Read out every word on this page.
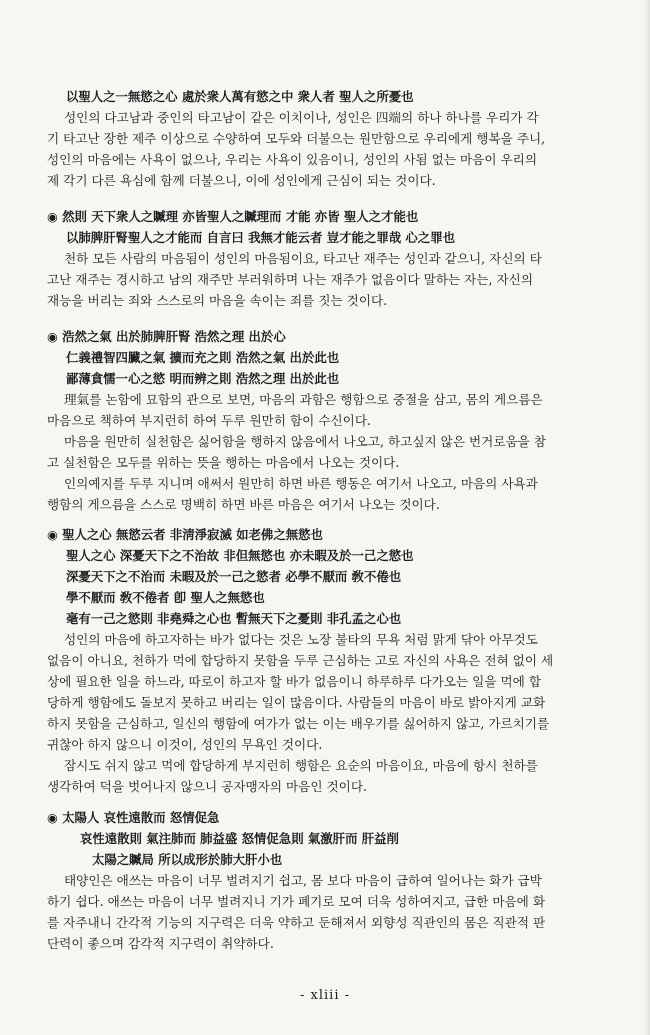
以聖人之一無慾之心 處於衆人萬有慾之中 衆人者 聖人之所憂也
성인의 다고남과 중인의 타고남이 같은 이치이나, 성인은 四端의 하나 하나를 우리가 각
기 타고난 장한 제주 이상으로 수양하여 모두와 더불으는 원만함으로 우리에게 행복을 주니,
성인의 마음에는 사욕이 없으나, 우리는 사욕이 있음이니, 성인의 사됨 없는 마음이 우리의
제 각기 다른 욕심에 함께 더불으니, 이에 성인에게 근심이 되는 것이다.
◉ 然則 天下衆人之贓理 亦皆聖人之贓理而 才能 亦皆 聖人之才能也
以肺脾肝腎聖人之才能而 自言曰 我無才能云者 豈才能之罪哉 心之罪也
천하 모든 사람의 마음됨이 성인의 마음됨이요, 타고난 재주는 성인과 같으니, 자신의 타
고난 재주는 경시하고 남의 재주만 부러워하며 나는 재주가 없음이다 말하는 자는, 자신의
재능을 버리는 죄와 스스로의 마음을 속이는 죄를 짓는 것이다.
◉ 浩然之氣 出於肺脾肝腎 浩然之理 出於心
仁義禮智四臟之氣 擴而充之則 浩然之氣 出於此也
鄙薄貪懦一心之慾 明而辨之則 浩然之理 出於此也
理氣를 논함에 묘함의 관으로 보면, 마음의 과함은 행함으로 중절을 삼고, 몸의 게으름은
마음으로 책하여 부지런히 하여 두루 원만히 함이 수신이다.
마음을 원만히 실천함은 싫어함을 행하지 않음에서 나오고, 하고싶지 않은 번거로움을 참
고 실천함은 모두를 위하는 뜻을 행하는 마음에서 나오는 것이다.
인의예지를 두루 지니며 애써서 원만히 하면 바른 행동은 여기서 나오고, 마음의 사욕과
행함의 게으름을 스스로 명백히 하면 바른 마음은 여기서 나오는 것이다.
◉ 聖人之心 無慾云者 非淸淨寂滅 如老佛之無慾也
聖人之心 深憂天下之不治故 非但無慾也 亦未暇及於一己之慾也
深憂天下之不治而 未暇及於一己之慾者 必學不厭而 敎不倦也
學不厭而 敎不倦者 卽 聖人之無慾也
毫有一己之慾則 非堯舜之心也 暫無天下之憂則 非孔孟之心也
성인의 마음에 하고자하는 바가 없다는 것은 노장 불타의 무욕 처럼 맑게 닦아 아무것도
없음이 아니요, 천하가 먹에 합당하지 못함을 두루 근심하는 고로 자신의 사욕은 전혀 없이 세
상에 필요한 일을 하느라, 따로이 하고자 할 바가 없음이니 하루하루 다가오는 일을 먹에 합
당하게 행함에도 돌보지 못하고 버리는 일이 많음이다. 사람들의 마음이 바로 밝아지게 교화
하지 못함을 근심하고, 일신의 행함에 여가가 없는 이는 배우기를 싫어하지 않고, 가르치기를
귀찮아 하지 않으니 이것이, 성인의 무욕인 것이다.
잠시도 쉬지 않고 먹에 합당하게 부지런히 행함은 요순의 마음이요, 마음에 항시 천하를
생각하여 덕을 벗어나지 않으니 공자맹자의 마음인 것이다.
◉ 太陽人 哀性遠散而 怒情促急
哀性遠散則 氣注肺而 肺益盛 怒情促急則 氣激肝而 肝益削
太陽之贓局 所以成形於肺大肝小也
태양인은 애쓰는 마음이 너무 벌려지기 쉽고, 몸 보다 마음이 급하여 일어나는 화가 급박
하기 쉽다. 애쓰는 마음이 너무 벌려지니 기가 폐기로 모여 더욱 성하여지고, 급한 마음에 화
를 자주내니 간각적 기능의 지구력은 더욱 약하고 둔해져서 외향성 직관인의 몸은 직관적 판
단력이 좋으며 감각적 지구력이 취약하다.
- xliii -
